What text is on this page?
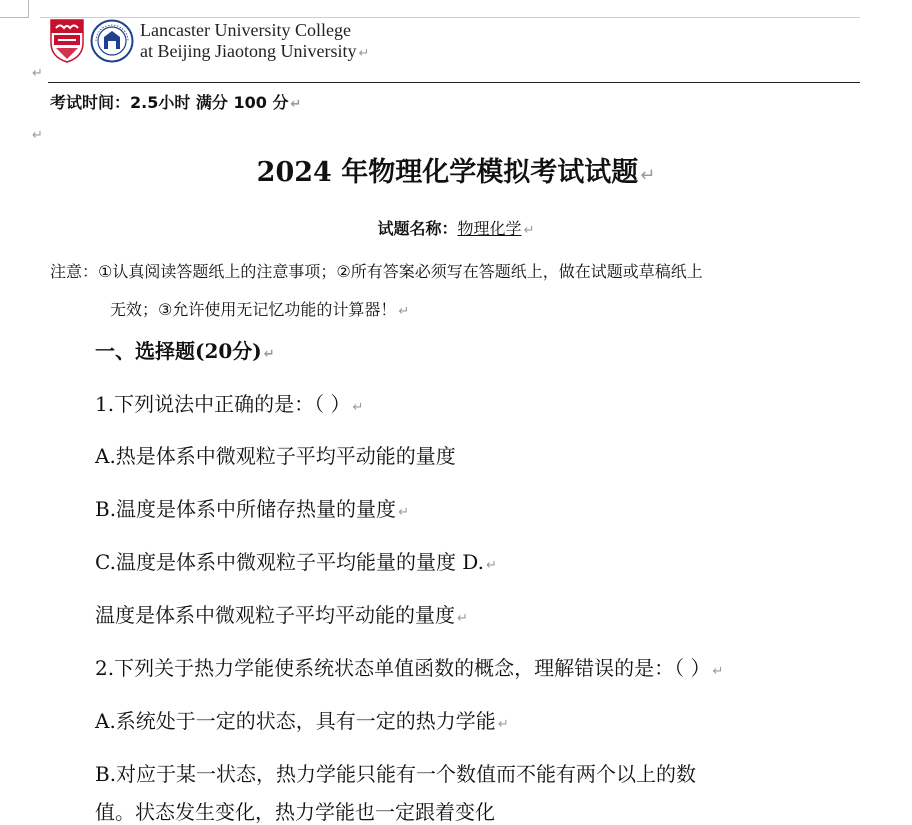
Lancaster University College
at Beijing Jiaotong University ↵
↵
考试时间：2.5小时 满分 100 分 ↵
↵
2024 年物理化学模拟考试试题 ↵
试题名称：物理化学 ↵
注意：①认真阅读答题纸上的注意事项；②所有答案必须写在答题纸上，做在试题或草稿纸上
无效；③允许使用无记忆功能的计算器！ ↵
一、选择题(20分) ↵
1.下列说法中正确的是：（ ） ↵
A.热是体系中微观粒子平均平动能的量度
B.温度是体系中所储存热量的量度 ↵
C.温度是体系中微观粒子平均能量的量度 D. ↵
温度是体系中微观粒子平均平动能的量度 ↵
2.下列关于热力学能使系统状态单值函数的概念，理解错误的是：（ ） ↵
A.系统处于一定的状态，具有一定的热力学能 ↵
B.对应于某一状态，热力学能只能有一个数值而不能有两个以上的数
值。状态发生变化，热力学能也一定跟着变化
